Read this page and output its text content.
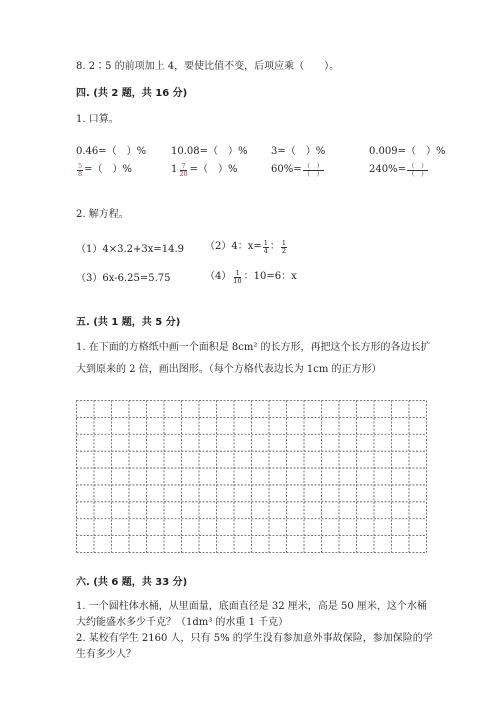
8. 2∶5 的前项加上 4，要使比值不变，后项应乘（　　）。
四. (共 2 题，共 16 分)
1. 口算。
0.46=（　）% 10.08=（　）% 3=（　）%	0.009=（　）%
$\frac{5}{8}$ =（　）%	$1 \frac{7}{20}$ =（　）%	$60\%= \frac{( )}{( )}$	$240\%= \frac{( )}{( )}$
2. 解方程。
（1）4×3.2+3x=14.9 （2）4：$x= \frac{1}{4}$ ： $\frac{1}{2}$
（3）6x-6.25=5.75	$(4) \frac{1}{10}$ ：10=6：x
五. (共 1 题，共 5 分)
1. 在下面的方格纸中画一个面积是 8cm² 的长方形，再把这个长方形的各边长扩
大到原来的 2 倍，画出图形。（每个方格代表边长为 1cm 的正方形）
六. (共 6 题，共 33 分)
1. 一个圆柱体水桶，从里面量，底面直径是 32 厘米，高是 50 厘米，这个水桶
大约能盛水多少千克？（1dm³ 的水重 1 千克）
2. 某校有学生 2160 人，只有 5% 的学生没有参加意外事故保险，参加保险的学
生有多少人？
